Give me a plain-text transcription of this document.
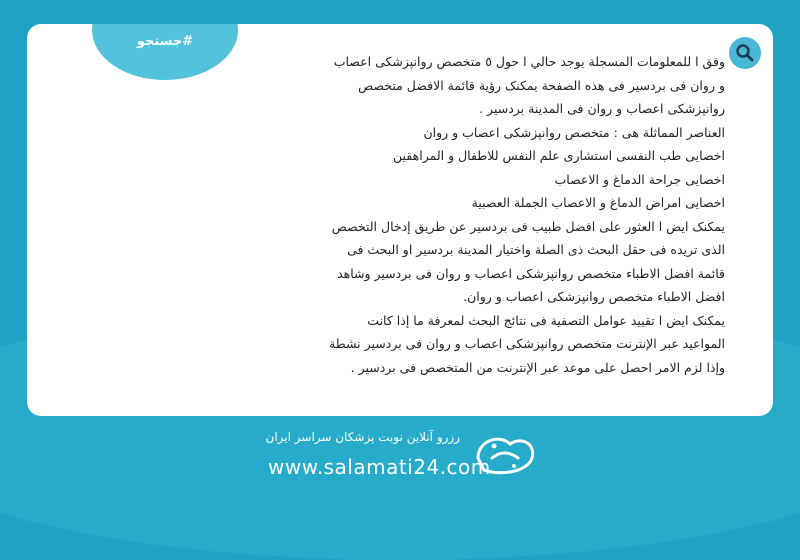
#جستجو

وفق ا للمعلومات المسجلة يوجد حالي ا حول ٥ متخصص روانپزشکی اعصاب و روان فی بردسیر فی هذه الصفحة یمکنک رؤیة قائمة الافضل متخصص روانپزشکی اعصاب و روان فی المدینة بردسیر .

العناصر المماثلة هی : متخصص روانپزشکی اعصاب و روان

اخصایی طب النفسی استشاری علم النفس للاطفال و المراهقین

اخصایی جراحة الدماغ و الاعصاب

اخصایی امراض الدماغ و الاعصاب الجملة العصبیة

یمکنک ایض ا العثور علی افضل طبیب فی بردسیر عن طریق إدخال التخصص الذی تریده فی حقل البحث ذی الصلة واختیار المدینة بردسیر او البحث فی قائمة افضل الاطباء متخصص روانپزشکی اعصاب و روان فی بردسیر وشاهد افضل الاطباء متخصص روانپزشکی اعصاب و روان.

یمکنک ایض ا تقیید عوامل التصفیة فی نتائج البحث لمعرفة ما إذا کانت المواعید عبر الإنترنت متخصص روانپزشکی اعصاب و روان فی بردسیر نشطة وإذا لزم الامر احصل علی موعد عبر الإنترنت من المتخصص فی بردسیر .

رزرو آنلاین نوبت پزشکان سراسر ایران
www.salamati24.com
